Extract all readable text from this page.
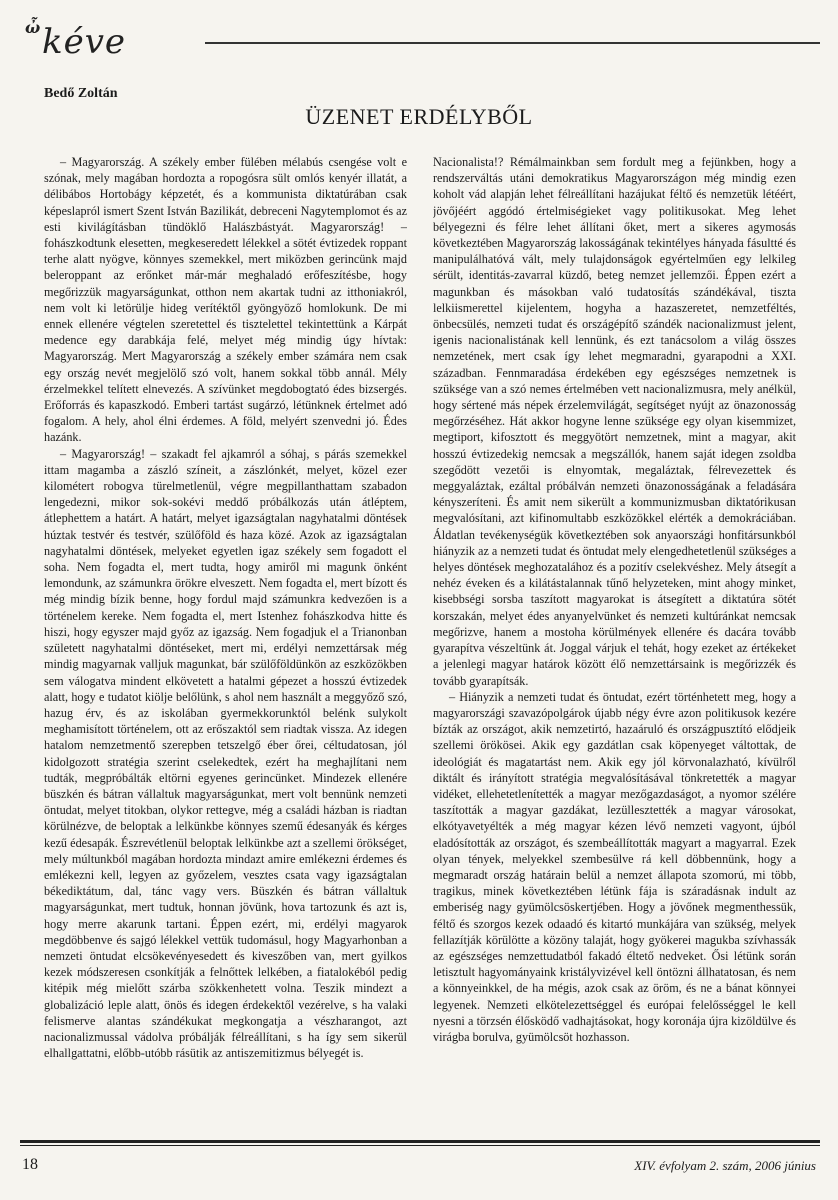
ὦ kéve
Bedő Zoltán
ÜZENET ERDÉLYBŐL

– Magyarország. A székely ember fülében mélabús csengése volt e szónak, mely magában hordozta a ropogósra sült omlós kenyér illatát, a délibábos Hortobágy képzetét, és a kommunista diktatúrában csak képeslapról ismert Szent István Bazilikát, debreceni Nagytemplomot és az esti kivilágításban tündöklő Halászbástyát. Magyarország! – fohászkodtunk elesetten, megkeseredett lélekkel a sötét évtizedek roppant terhe alatt nyögve, könnyes szemekkel, mert miközben gerincünk majd beleroppant az erőnket már-már meghaladó erőfeszítésbe, hogy megőrizzük magyarságunkat, otthon nem akartak tudni az itthoniakról, nem volt ki letörülje hideg verítéktől gyöngyöző homlokunk. De mi ennek ellenére végtelen szeretettel és tisztelettel tekintettünk a Kárpát medence egy darabkája felé, melyet még mindig úgy hívtak: Magyarország. Mert Magyarország a székely ember számára nem csak egy ország nevét megjelölő szó volt, hanem sokkal több annál. Mély érzelmekkel telített elnevezés. A szívünket megdobogtató édes bizsergés. Erőforrás és kapaszkodó. Emberi tartást sugárzó, létünknek értelmet adó fogalom. A hely, ahol élni érdemes. A föld, melyért szenvedni jó. Édes hazánk.

– Magyarország! – szakadt fel ajkamról a sóhaj, s párás szemekkel ittam magamba a zászló színeit, a zászlónkét, melyet, közel ezer kilométert robogva türelmetlenül, végre megpillanthattam szabadon lengedezni, mikor sok-sokévi meddő próbálkozás után átléptem, átlephettem a határt. A határt, melyet igazságtalan nagyhatalmi döntések húztak testvér és testvér, szülőföld és haza közé. Azok az igazságtalan nagyhatalmi döntések, melyeket egyetlen igaz székely sem fogadott el soha. Nem fogadta el, mert tudta, hogy amiről mi magunk önként lemondunk, az számunkra örökre elveszett. Nem fogadta el, mert bízott és még mindig bízik benne, hogy fordul majd számunkra kedvezően is a történelem kereke. Nem fogadta el, mert Istenhez fohászkodva hitte és hiszi, hogy egyszer majd győz az igazság. Nem fogadjuk el a Trianonban született nagyhatalmi döntéseket, mert mi, erdélyi nemzettársak még mindig magyarnak valljuk magunkat, bár szülőföldünkön az eszközökben sem válogatva mindent elkövetett a hatalmi gépezet a hosszú évtizedek alatt, hogy e tudatot kiölje belőlünk, s ahol nem használt a meggyőző szó, hazug érv, és az iskolában gyermekkorunktól belénk sulykolt meghamisított történelem, ott az erőszaktól sem riadtak vissza. Az idegen hatalom nemzetmentő szerepben tetszelgő éber őrei, céltudatosan, jól kidolgozott stratégia szerint cselekedtek, ezért ha meghajlítani nem tudták, megpróbálták eltörni egyenes gerincünket. Mindezek ellenére büszkén és bátran vállaltuk magyarságunkat, mert volt bennünk nemzeti öntudat, melyet titokban, olykor rettegve, még a családi házban is riadtan körülnézve, de beloptak a lelkünkbe könnyes szemű édesanyák és kérges kezű édesapák. Észrevétlenül beloptak lelkünkbe azt a szellemi örökséget, mely múltunkból magában hordozta mindazt amire emlékezni érdemes és emlékezni kell, legyen az győzelem, vesztes csata vagy igazságtalan békediktátum, dal, tánc vagy vers. Büszkén és bátran vállaltuk magyarságunkat, mert tudtuk, honnan jövünk, hova tartozunk és azt is, hogy merre akarunk tartani. Éppen ezért, mi, erdélyi magyarok megdöbbenve és sajgó lélekkel vettük tudomásul, hogy Magyarhonban a nemzeti öntudat elcsökevényesedett és kiveszőben van, mert gyilkos kezek módszeresen csonkítják a felnőttek lelkében, a fiatalokéból pedig kitépik még mielőtt szárba szökkenhetett volna. Teszik mindezt a globalizáció leple alatt, önös és idegen érdekektől vezérelve, s ha valaki felismerve alantas szándékukat megkongatja a vészharangot, azt nacionalizmussal vádolva próbálják félreállítani, s ha így sem sikerül elhallgattatni, előbb-utóbb rásütik az antiszemitizmus bélyegét is.

Nacionalista!? Rémálmainkban sem fordult meg a fejünkben, hogy a rendszerváltás utáni demokratikus Magyarországon még mindig ezen koholt vád alapján lehet félreállítani hazájukat féltő és nemzetük létéért, jövőjéért aggódó értelmiségieket vagy politikusokat. Meg lehet bélyegezni és félre lehet állítani őket, mert a sikeres agymosás következtében Magyarország lakosságának tekintélyes hányada fásultté és manipulálhatóvá vált, mely tulajdonságok egyértelműen egy lelkileg sérült, identitás-zavarral küzdő, beteg nemzet jellemzői. Éppen ezért a magunkban és másokban való tudatosítás szándékával, tiszta lelkiismerettel kijelentem, hogyha a hazaszeretet, nemzetféltés, önbecsülés, nemzeti tudat és országépítő szándék nacionalizmust jelent, igenis nacionalistának kell lennünk, és ezt tanácsolom a világ összes nemzetének, mert csak így lehet megmaradni, gyarapodni a XXI. században. Fennmaradása érdekében egy egészséges nemzetnek is szüksége van a szó nemes értelmében vett nacionalizmusra, mely anélkül, hogy sértené más népek érzelemvilágát, segítséget nyújt az önazonosság megőrzéséhez. Hát akkor hogyne lenne szüksége egy olyan kisemmizet, megtiport, kifosztott és meggyötört nemzetnek, mint a magyar, akit hosszú évtizedekig nemcsak a megszállók, hanem saját idegen zsoldba szegődött vezetői is elnyomtak, megaláztak, félrevezettek és meggyaláztak, ezáltal próbálván nemzeti önazonosságának a feladására kényszeríteni. És amit nem sikerült a kommunizmusban diktatórikusan megvalósítani, azt kifinomultabb eszközökkel elérték a demokráciában. Áldatlan tevékenységük következtében sok anyaországi honfitársunkból hiányzik az a nemzeti tudat és öntudat mely elengedhetetlenül szükséges a helyes döntések meghozatalához és a pozitív cselekvéshez. Mely átsegít a nehéz éveken és a kilátástalannak tűnő helyzeteken, mint ahogy minket, kisebbségi sorsba taszított magyarokat is átsegített a diktatúra sötét korszakán, melyet édes anyanyelvünket és nemzeti kultúránkat nemcsak megőrizve, hanem a mostoha körülmények ellenére és dacára tovább gyarapítva vészeltünk át. Joggal várjuk el tehát, hogy ezeket az értékeket a jelenlegi magyar határok között élő nemzettársaink is megőrizzék és tovább gyarapítsák.

– Hiányzik a nemzeti tudat és öntudat, ezért történhetett meg, hogy a magyarországi szavazópolgárok újabb négy évre azon politikusok kezére bízták az országot, akik nemzetirtó, hazaáruló és országpusztító elődjeik szellemi örökösei. Akik egy gazdátlan csak köpenyeget váltottak, de ideológiát és magatartást nem. Akik egy jól körvonalazható, kívülről diktált és irányított stratégia megvalósításával tönkretették a magyar vidéket, ellehetetlenítették a magyar mezőgazdaságot, a nyomor szélére taszították a magyar gazdákat, lezüllesztették a magyar városokat, elkótyavetyélték a még magyar kézen lévő nemzeti vagyont, újból eladósították az országot, és szembeállították magyart a magyarral. Ezek olyan tények, melyekkel szembesülve rá kell döbbennünk, hogy a megmaradt ország határain belül a nemzet állapota szomorú, mi több, tragikus, minek következtében létünk fája is száradásnak indult az emberiség nagy gyümölcsöskertjében. Hogy a jövőnek megmenthessük, féltő és szorgos kezek odaadó és kitartó munkájára van szükség, melyek fellazítják körülötte a közöny talaját, hogy gyökerei magukba szívhassák az egészséges nemzettudatból fakadó éltető nedveket. Ősi létünk során letisztult hagyományaink kristályvizével kell öntözni állhatatosan, és nem a könnyeinkkel, de ha mégis, azok csak az öröm, és ne a bánat könnyei legyenek. Nemzeti elkötelezettséggel és európai felelősséggel le kell nyesni a törzsén élősködő vadhajtásokat, hogy koronája újra kizöldülve és virágba borulva, gyümölcsöt hozhasson.

18	XIV. évfolyam 2. szám, 2006 június
